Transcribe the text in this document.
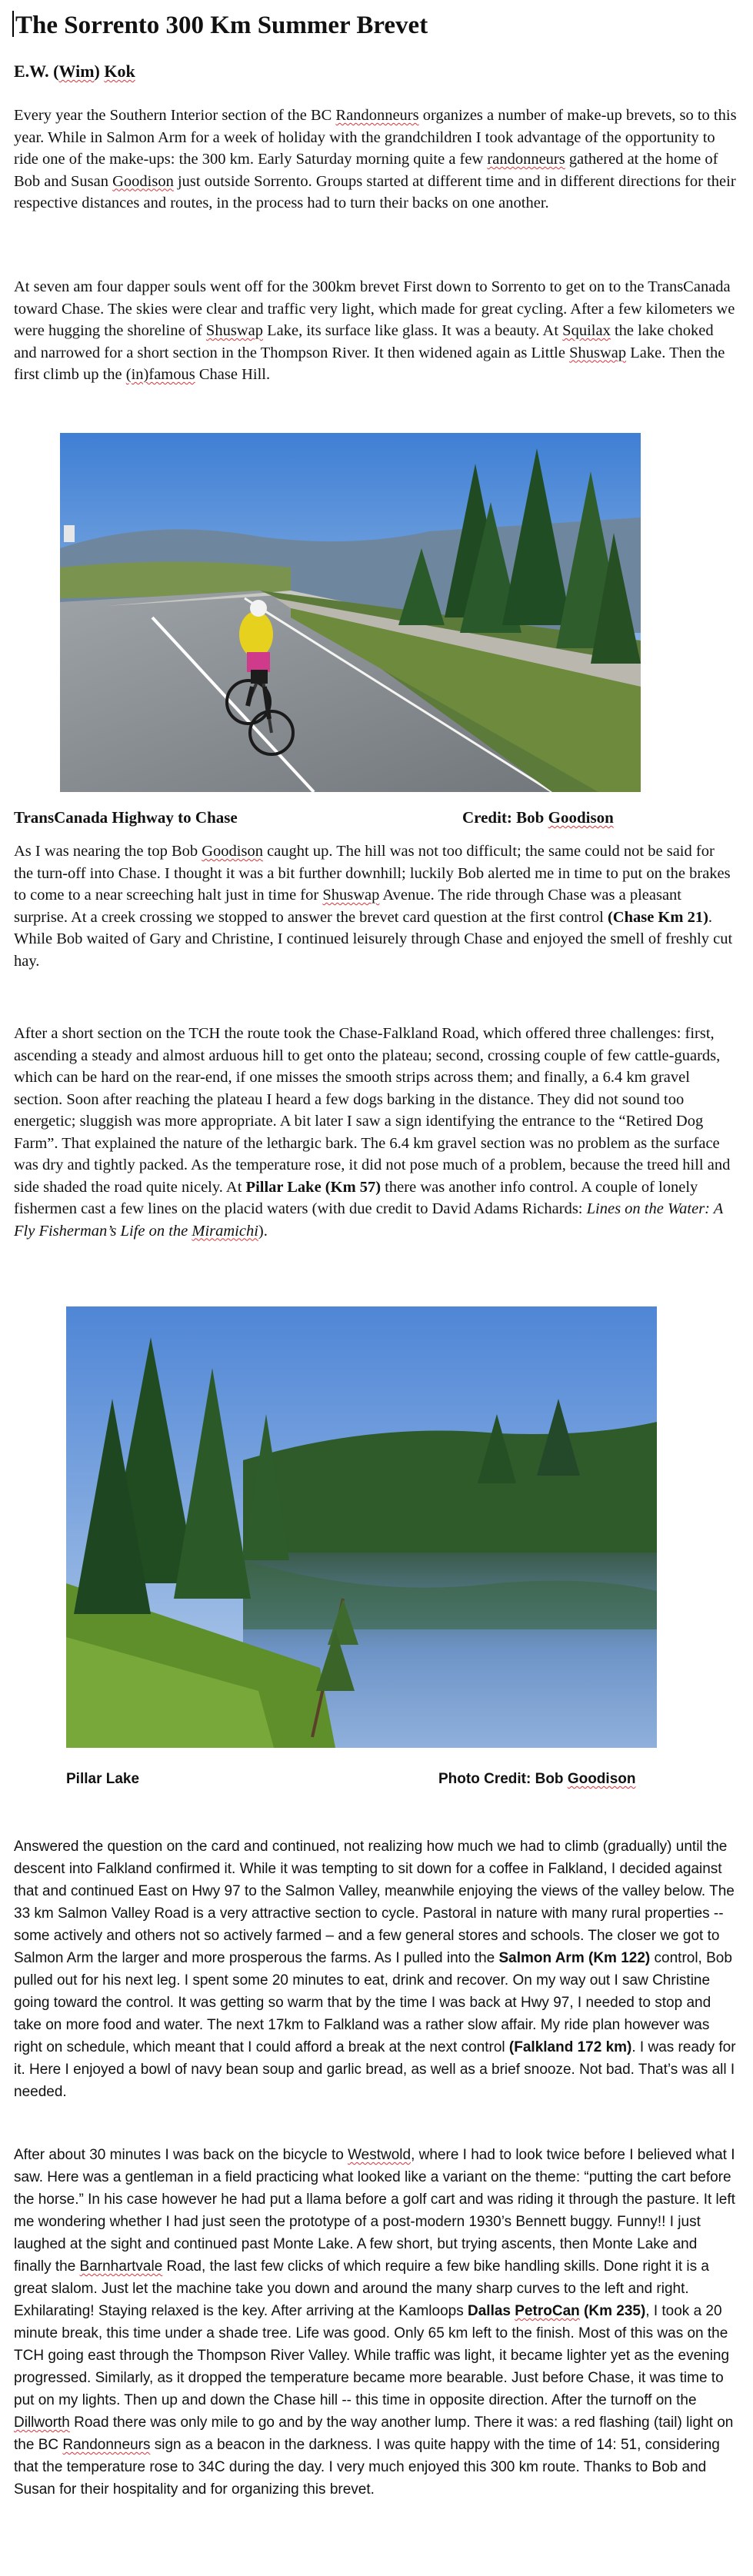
The Sorrento 300 Km Summer Brevet

E.W. (Wim) Kok

Every year the Southern Interior section of the BC Randonneurs organizes a number of make-up brevets, so to this year. While in Salmon Arm for a week of holiday with the grandchildren I took advantage of the opportunity to ride one of the make-ups: the 300 km. Early Saturday morning quite a few randonneurs gathered at the home of Bob and Susan Goodison just outside Sorrento. Groups started at different time and in different directions for their respective distances and routes, in the process had to turn their backs on one another.

At seven am four dapper souls went off for the 300km brevet First down to Sorrento to get on to the TransCanada toward Chase. The skies were clear and traffic very light, which made for great cycling. After a few kilometers we were hugging the shoreline of Shuswap Lake, its surface like glass. It was a beauty. At Squilax the lake choked and narrowed for a short section in the Thompson River. It then widened again as Little Shuswap Lake. Then the first climb up the (in)famous Chase Hill.

TransCanada Highway to Chase	Credit: Bob Goodison

As I was nearing the top Bob Goodison caught up. The hill was not too difficult; the same could not be said for the turn-off into Chase. I thought it was a bit further downhill; luckily Bob alerted me in time to put on the brakes to come to a near screeching halt just in time for Shuswap Avenue. The ride through Chase was a pleasant surprise. At a creek crossing we stopped to answer the brevet card question at the first control (Chase Km 21). While Bob waited of Gary and Christine, I continued leisurely through Chase and enjoyed the smell of freshly cut hay.

After a short section on the TCH the route took the Chase-Falkland Road, which offered three challenges: first, ascending a steady and almost arduous hill to get onto the plateau; second, crossing couple of few cattle-guards, which can be hard on the rear-end, if one misses the smooth strips across them; and finally, a 6.4 km gravel section. Soon after reaching the plateau I heard a few dogs barking in the distance. They did not sound too energetic; sluggish was more appropriate. A bit later I saw a sign identifying the entrance to the “Retired Dog Farm”. That explained the nature of the lethargic bark. The 6.4 km gravel section was no problem as the surface was dry and tightly packed. As the temperature rose, it did not pose much of a problem, because the treed hill and side shaded the road quite nicely. At Pillar Lake (Km 57) there was another info control. A couple of lonely fishermen cast a few lines on the placid waters (with due credit to David Adams Richards: Lines on the Water: A Fly Fisherman’s Life on the Miramichi).

Pillar Lake	Photo Credit: Bob Goodison

Answered the question on the card and continued, not realizing how much we had to climb (gradually) until the descent into Falkland confirmed it. While it was tempting to sit down for a coffee in Falkland, I decided against that and continued East on Hwy 97 to the Salmon Valley, meanwhile enjoying the views of the valley below. The 33 km Salmon Valley Road is a very attractive section to cycle. Pastoral in nature with many rural properties -- some actively and others not so actively farmed – and a few general stores and schools. The closer we got to Salmon Arm the larger and more prosperous the farms. As I pulled into the Salmon Arm (Km 122) control, Bob pulled out for his next leg. I spent some 20 minutes to eat, drink and recover. On my way out I saw Christine going toward the control. It was getting so warm that by the time I was back at Hwy 97, I needed to stop and take on more food and water. The next 17km to Falkland was a rather slow affair. My ride plan however was right on schedule, which meant that I could afford a break at the next control (Falkland 172 km). I was ready for it. Here I enjoyed a bowl of navy bean soup and garlic bread, as well as a brief snooze. Not bad. That’s was all I needed.

After about 30 minutes I was back on the bicycle to Westwold, where I had to look twice before I believed what I saw. Here was a gentleman in a field practicing what looked like a variant on the theme: “putting the cart before the horse.” In his case however he had put a llama before a golf cart and was riding it through the pasture. It left me wondering whether I had just seen the prototype of a post-modern 1930’s Bennett buggy. Funny!! I just laughed at the sight and continued past Monte Lake. A few short, but trying ascents, then Monte Lake and finally the Barnhartvale Road, the last few clicks of which require a few bike handling skills. Done right it is a great slalom. Just let the machine take you down and around the many sharp curves to the left and right. Exhilarating! Staying relaxed is the key. After arriving at the Kamloops Dallas PetroCan (Km 235), I took a 20 minute break, this time under a shade tree. Life was good. Only 65 km left to the finish. Most of this was on the TCH going east through the Thompson River Valley. While traffic was light, it became lighter yet as the evening progressed. Similarly, as it dropped the temperature became more bearable. Just before Chase, it was time to put on my lights. Then up and down the Chase hill -- this time in opposite direction. After the turnoff on the Dillworth Road there was only mile to go and by the way another lump. There it was: a red flashing (tail) light on the BC Randonneurs sign as a beacon in the darkness. I was quite happy with the time of 14: 51, considering that the temperature rose to 34C during the day. I very much enjoyed this 300 km route. Thanks to Bob and Susan for their hospitality and for organizing this brevet.
